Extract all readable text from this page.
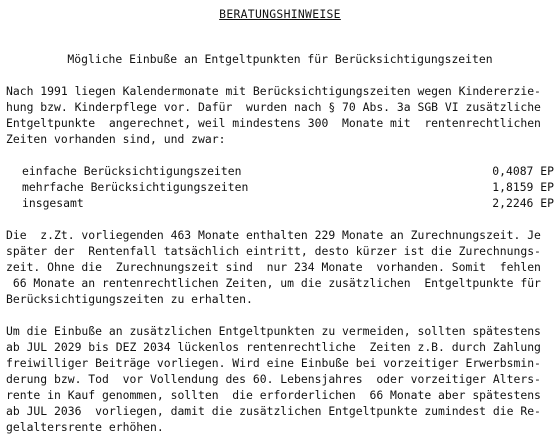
BERATUNGSHINWEISE
Mögliche Einbuße an Entgeltpunkten für Berücksichtigungszeiten
Nach 1991 liegen Kalendermonate mit Berücksichtigungszeiten wegen Kindererzie-
hung bzw. Kinderpflege vor. Dafür  wurden nach § 70 Abs. 3a SGB VI zusätzliche
Entgeltpunkte  angerechnet, weil mindestens 300  Monate mit  rentenrechtlichen
Zeiten vorhanden sind, und zwar:
einfache Berücksichtigungszeiten	0,4087 EP
mehrfache Berücksichtigungszeiten	1,8159 EP
insgesamt	2,2246 EP
Die  z.Zt. vorliegenden 463 Monate enthalten 229 Monate an Zurechnungszeit. Je
später der  Rentenfall tatsächlich eintritt, desto kürzer ist die Zurechnungs-
zeit. Ohne die  Zurechnungszeit sind  nur 234 Monate  vorhanden. Somit  fehlen
66 Monate an rentenrechtlichen Zeiten, um die zusätzlichen  Entgeltpunkte für
Berücksichtigungszeiten zu erhalten.
Um die Einbuße an zusätzlichen Entgeltpunkten zu vermeiden, sollten spätestens
ab JUL 2029 bis DEZ 2034 lückenlos rentenrechtliche  Zeiten z.B. durch Zahlung
freiwilliger Beiträge vorliegen. Wird eine Einbuße bei vorzeitiger Erwerbsmin-
derung bzw. Tod  vor Vollendung des 60. Lebensjahres  oder vorzeitiger Alters-
rente in Kauf genommen, sollten  die erforderlichen  66 Monate aber spätestens
ab JUL 2036  vorliegen, damit die zusätzlichen Entgeltpunkte zumindest die Re-
gelaltersrente erhöhen.
